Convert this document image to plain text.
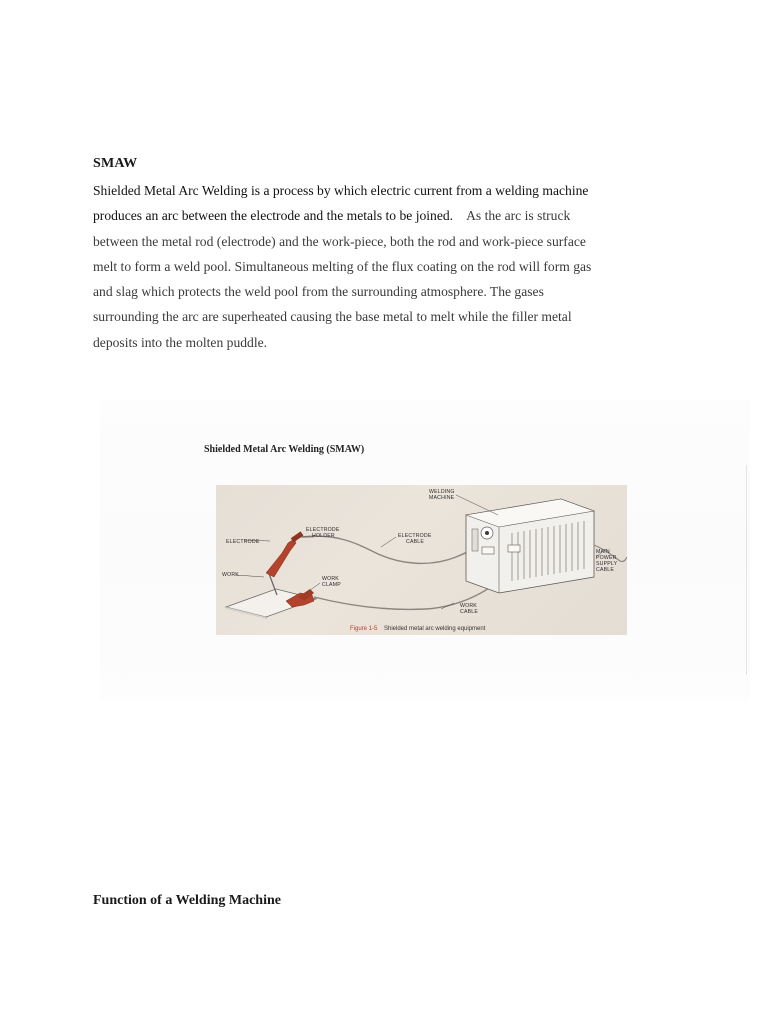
SMAW

Shielded Metal Arc Welding is a process by which electric current from a welding machine
produces an arc between the electrode and the metals to be joined. As the arc is struck
between the metal rod (electrode) and the work-piece, both the rod and work-piece surface
melt to form a weld pool. Simultaneous melting of the flux coating on the rod will form gas
and slag which protects the weld pool from the surrounding atmosphere. The gases
surrounding the arc are superheated causing the base metal to melt while the filler metal
deposits into the molten puddle.

Shielded Metal Arc Welding (SMAW)

WELDING
MACHINE
ELECTRODE
HOLDER
ELECTRODE
ELECTRODE
CABLE
WORK
WORK
CLAMP
WORK
CABLE
MAIN
POWER
SUPPLY
CABLE
Figure 1-5 Shielded metal arc welding equipment

Function of a Welding Machine
